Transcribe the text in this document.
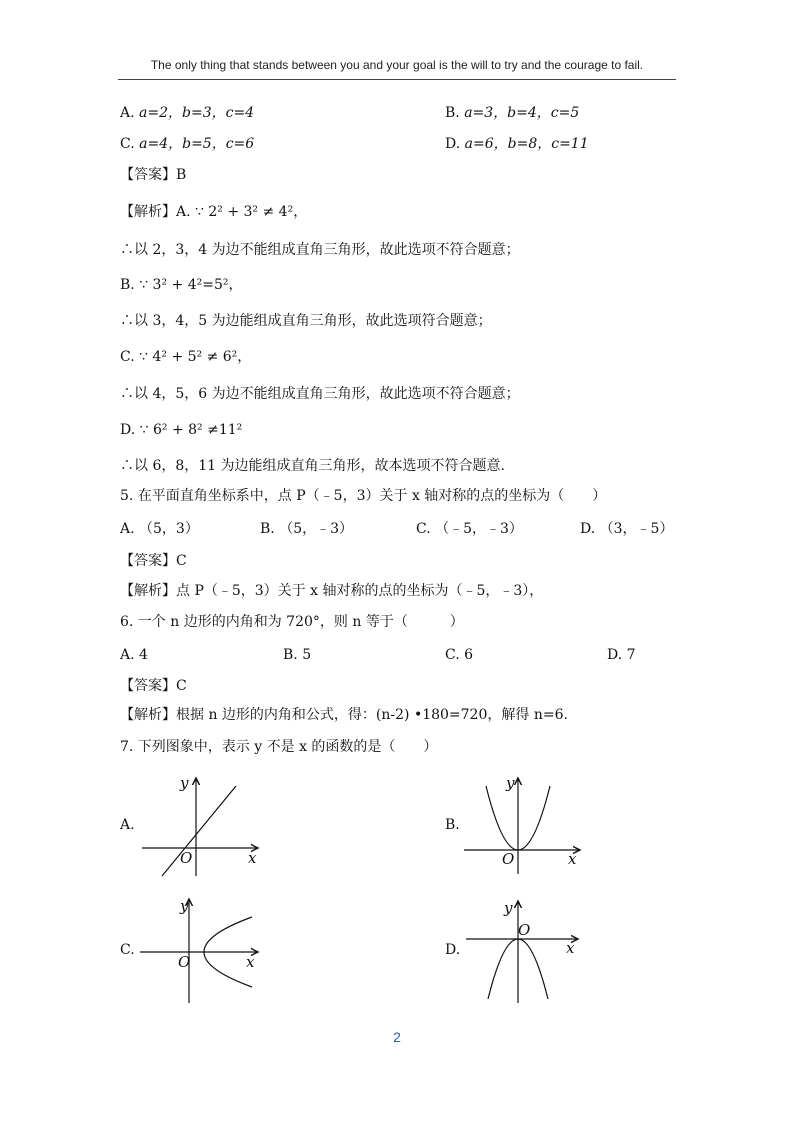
The only thing that stands between you and your goal is the will to try and the courage to fail.
A. a=2，b=3，c=4	B. a=3，b=4，c=5
C. a=4，b=5，c=6	D. a=6，b=8，c=11
【答案】B
【解析】A. ∵ 2² + 3² ≠ 4²，
∴以 2，3，4 为边不能组成直角三角形，故此选项不符合题意；
B. ∵ 3² + 4²=5²，
∴以 3，4，5 为边能组成直角三角形，故此选项符合题意；
C. ∵ 4² + 5² ≠ 6²，
∴以 4，5，6 为边不能组成直角三角形，故此选项不符合题意；
D. ∵ 6² + 8² ≠11²
∴以 6，8，11 为边能组成直角三角形，故本选项不符合题意.
5. 在平面直角坐标系中，点 P（﹣5，3）关于 x 轴对称的点的坐标为（　　）
A. （5，3）	B. （5，﹣3）	C. （﹣5，﹣3）	D. （3，﹣5）
【答案】C
【解析】点 P（﹣5，3）关于 x 轴对称的点的坐标为（﹣5，﹣3），
6. 一个 n 边形的内角和为 720°，则 n 等于（　　　）
A. 4	B. 5	C. 6	D. 7
【答案】C
【解析】根据 n 边形的内角和公式，得：(n-2) •180=720，解得 n=6.
7. 下列图象中，表示 y 不是 x 的函数的是（　　）
A.	B.
C.	D.
y
O	x
y
O	x
y
O	x
y
O
x
2
